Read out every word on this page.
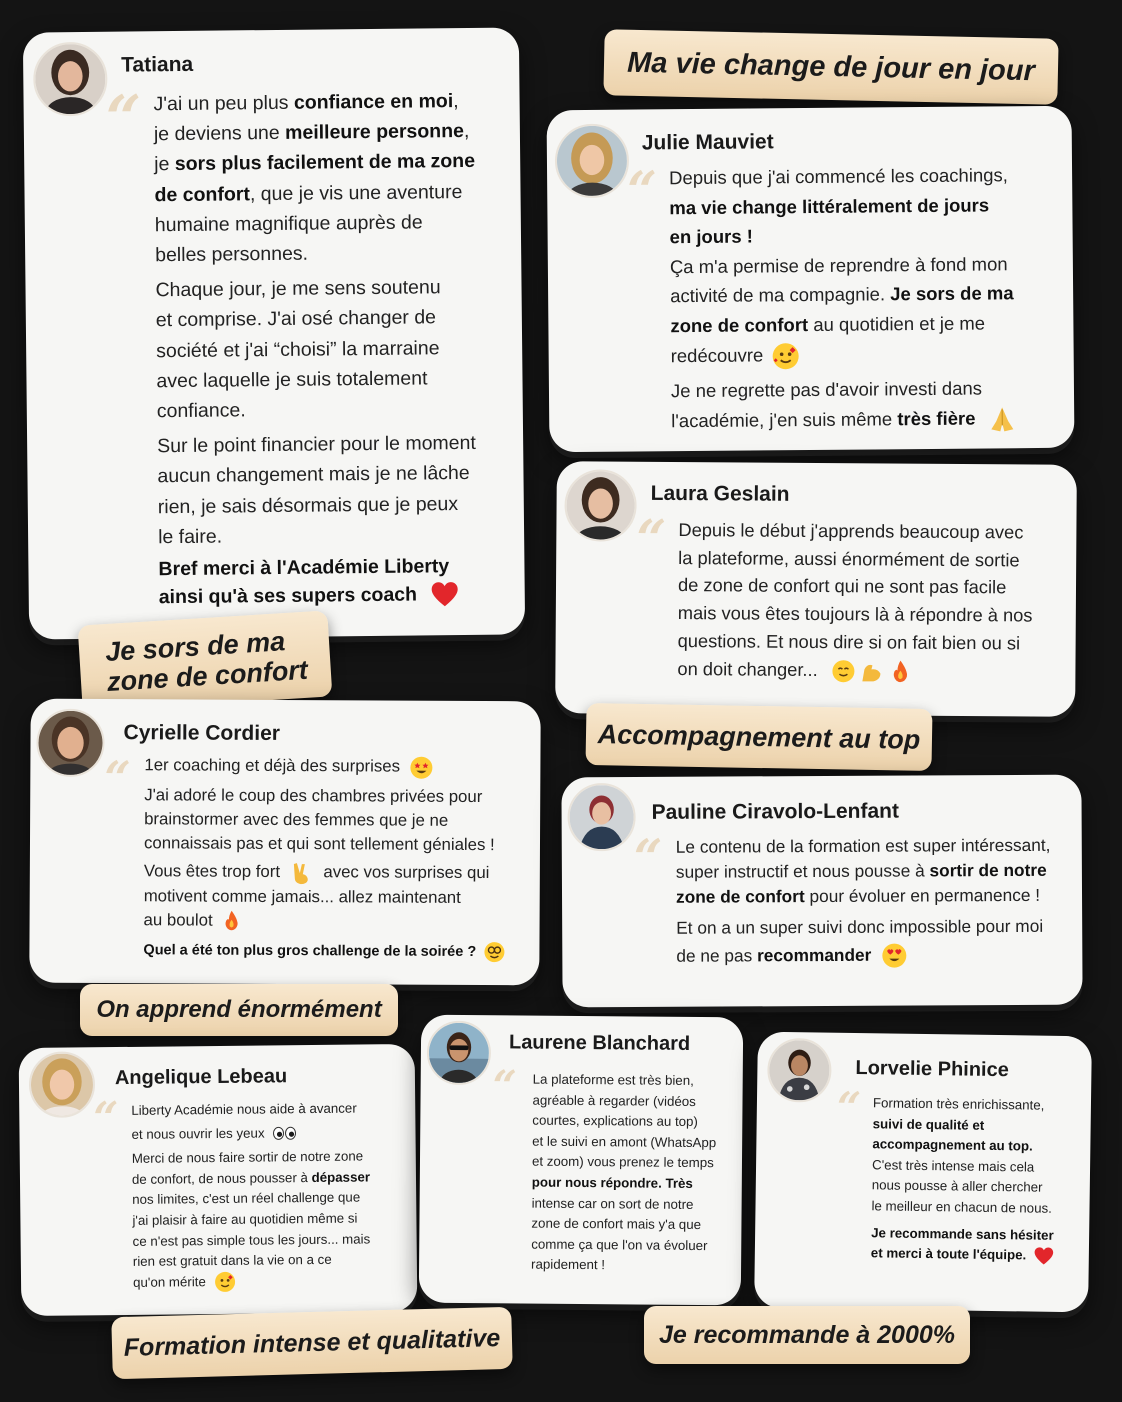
Tatiana
“ J'ai un peu plus confiance en moi,

je deviens une meilleure personne,

je sors plus facilement de ma zone

de confort, que je vis une aventure

humaine magnifique auprès de

belles personnes.

Chaque jour, je me sens soutenu

et comprise. J'ai osé changer de

société et j'ai “choisi” la marraine

avec laquelle je suis totalement

confiance.

Sur le point financier pour le moment

aucun changement mais je ne lâche

rien, je sais désormais que je peux

le faire.

Bref merci à l'Académie Liberty

ainsi qu'à ses supers coach

Ma vie change de jour en jour
Julie Mauviet
“ Depuis que j'ai commencé les coachings,

ma vie change littéralement de jours

en jours !

Ça m'a permise de reprendre à fond mon

activité de ma compagnie. Je sors de ma

zone de confort au quotidien et je me

redécouvre

Je ne regrette pas d'avoir investi dans

l'académie, j'en suis même très fière

Laura Geslain
“ Depuis le début j'apprends beaucoup avec

la plateforme, aussi énormément de sortie

de zone de confort qui ne sont pas facile

mais vous êtes toujours là à répondre à nos

questions. Et nous dire si on fait bien ou si

on doit changer...

Je sors de ma
zone de confort
Cyrielle Cordier
“ 1er coaching et déjà des surprises

J'ai adoré le coup des chambres privées pour

brainstormer avec des femmes que je ne

connaissais pas et qui sont tellement géniales !

Vous êtes trop fort	avec vos surprises qui

motivent comme jamais... allez maintenant

au boulot

Quel a été ton plus gros challenge de la soirée ?

Accompagnement au top
Pauline Ciravolo-Lenfant
“ Le contenu de la formation est super intéressant,

super instructif et nous pousse à sortir de notre

zone de confort pour évoluer en permanence !

Et on a un super suivi donc impossible pour moi

de ne pas recommander

On apprend énormément
Angelique Lebeau
“ Liberty Académie nous aide à avancer

et nous ouvrir les yeux

Merci de nous faire sortir de notre zone

de confort, de nous pousser à dépasser

nos limites, c'est un réel challenge que

j'ai plaisir à faire au quotidien même si

ce n'est pas simple tous les jours... mais

rien est gratuit dans la vie on a ce

qu'on mérite

Laurene Blanchard
“ La plateforme est très bien,

agréable à regarder (vidéos

courtes, explications au top)

et le suivi en amont (WhatsApp

et zoom) vous prenez le temps

pour nous répondre. Très

intense car on sort de notre

zone de confort mais y'a que

comme ça que l'on va évoluer

rapidement !

Lorvelie Phinice
“ Formation très enrichissante,

suivi de qualité et

accompagnement au top.

C'est très intense mais cela

nous pousse à aller chercher

le meilleur en chacun de nous.

Je recommande sans hésiter

et merci à toute l'équipe.

Formation intense et qualitative	Je recommande à 2000%
